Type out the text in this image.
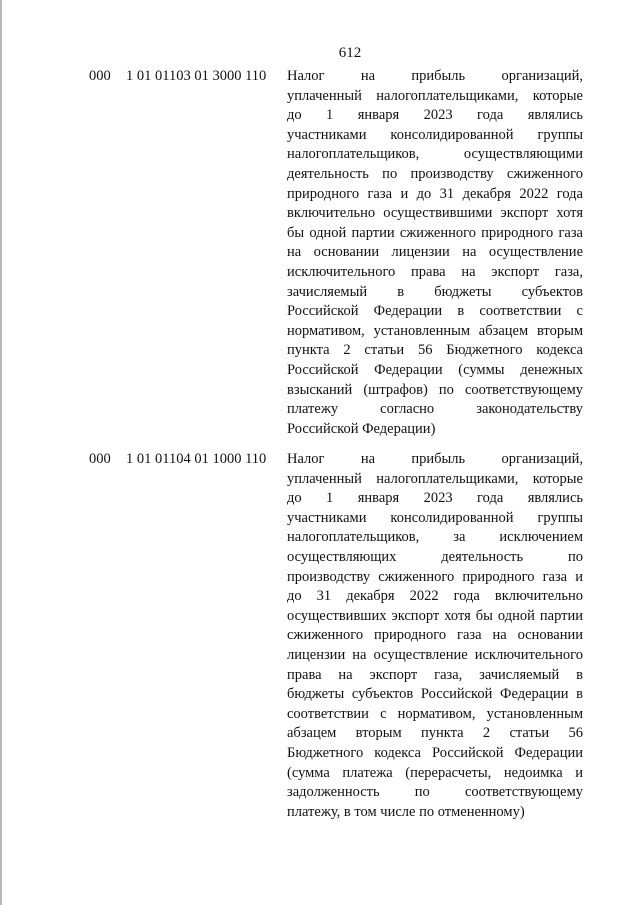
612
000 1 01 01103 01 3000 110 Налог на прибыль организаций,
уплаченный налогоплательщиками, которые
до 1 января 2023 года являлись
участниками консолидированной группы
налогоплательщиков, осуществляющими
деятельность по производству сжиженного
природного газа и до 31 декабря 2022 года
включительно осуществившими экспорт хотя
бы одной партии сжиженного природного газа
на основании лицензии на осуществление
исключительного права на экспорт газа,
зачисляемый в бюджеты субъектов
Российской Федерации в соответствии с
нормативом, установленным абзацем вторым
пункта 2 статьи 56 Бюджетного кодекса
Российской Федерации (суммы денежных
взысканий (штрафов) по соответствующему
платежу согласно законодательству
Российской Федерации)
000 1 01 01104 01 1000 110 Налог на прибыль организаций,
уплаченный налогоплательщиками, которые
до 1 января 2023 года являлись
участниками консолидированной группы
налогоплательщиков, за исключением
осуществляющих деятельность по
производству сжиженного природного газа и
до 31 декабря 2022 года включительно
осуществивших экспорт хотя бы одной партии
сжиженного природного газа на основании
лицензии на осуществление исключительного
права на экспорт газа, зачисляемый в
бюджеты субъектов Российской Федерации в
соответствии с нормативом, установленным
абзацем вторым пункта 2 статьи 56
Бюджетного кодекса Российской Федерации
(сумма платежа (перерасчеты, недоимка и
задолженность по соответствующему
платежу, в том числе по отмененному)
